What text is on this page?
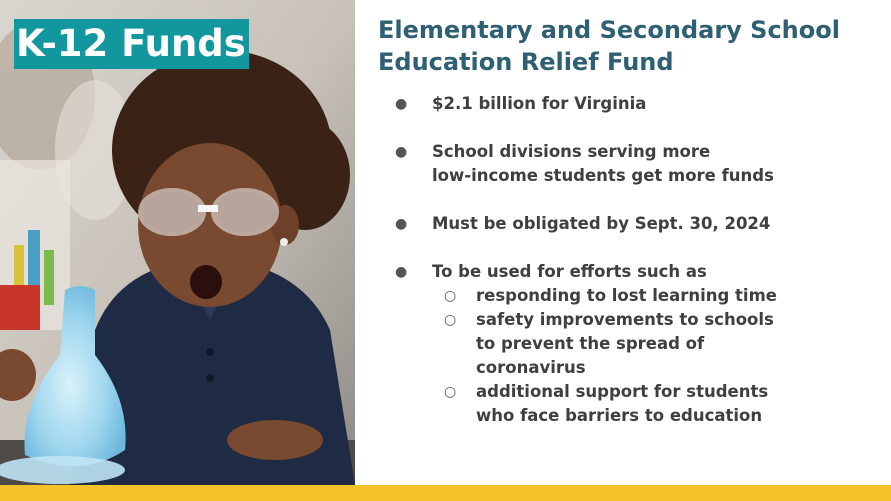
K-12 Funds	Elementary and Secondary School
Education Relief Fund
● $2.1 billion for Virginia
● School divisions serving more
low-income students get more funds
● Must be obligated by Sept. 30, 2024
● To be used for efforts such as
○ responding to lost learning time
○ safety improvements to schools
to prevent the spread of
coronavirus
○ additional support for students
who face barriers to education
